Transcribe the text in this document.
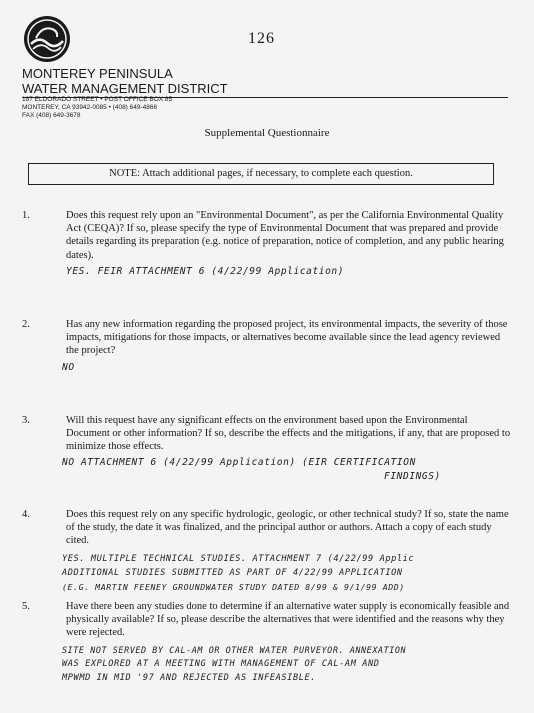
126
MONTEREY PENINSULA
WATER MANAGEMENT DISTRICT
187 ELDORADO STREET • POST OFFICE BOX 85
MONTEREY, CA 93942-0085 • (408) 649-4866
FAX (408) 649-3678
Supplemental Questionnaire
NOTE: Attach additional pages, if necessary, to complete each question.
1.	Does this request rely upon an "Environmental Document", as per the California Environmental Quality Act (CEQA)? If so, please specify the type of Environmental Document that was prepared and provide details regarding its preparation (e.g. notice of preparation, notice of completion, and any public hearing dates).
YES. FEIR ATTACHMENT 6 (4/22/99 Application)
2.	Has any new information regarding the proposed project, its environmental impacts, the severity of those impacts, mitigations for those impacts, or alternatives become available since the lead agency reviewed the project?
NO
3.	Will this request have any significant effects on the environment based upon the Environmental Document or other information? If so, describe the effects and the mitigations, if any, that are proposed to minimize those effects.
NO ATTACHMENT 6 (4/22/99 Application) (EIR CERTIFICATION
FINDINGS)
4.	Does this request rely on any specific hydrologic, geologic, or other technical study? If so, state the name of the study, the date it was finalized, and the principal author or authors. Attach a copy of each study cited.
YES. MULTIPLE TECHNICAL STUDIES. ATTACHMENT 7 (4/22/99 Applic
ADDITIONAL STUDIES SUBMITTED AS PART OF 4/22/99 APPLICATION
(E.G. MARTIN FEENEY GROUNDWATER STUDY DATED 8/99 & 9/1/99 ADD)
5.	Have there been any studies done to determine if an alternative water supply is economically feasible and physically available? If so, please describe the alternatives that were identified and the reasons why they were rejected.
SITE NOT SERVED BY CAL-AM OR OTHER WATER PURVEYOR. ANNEXATION
WAS EXPLORED AT A MEETING WITH MANAGEMENT OF CAL-AM AND
MPWMD IN MID '97 AND REJECTED AS INFEASIBLE.
